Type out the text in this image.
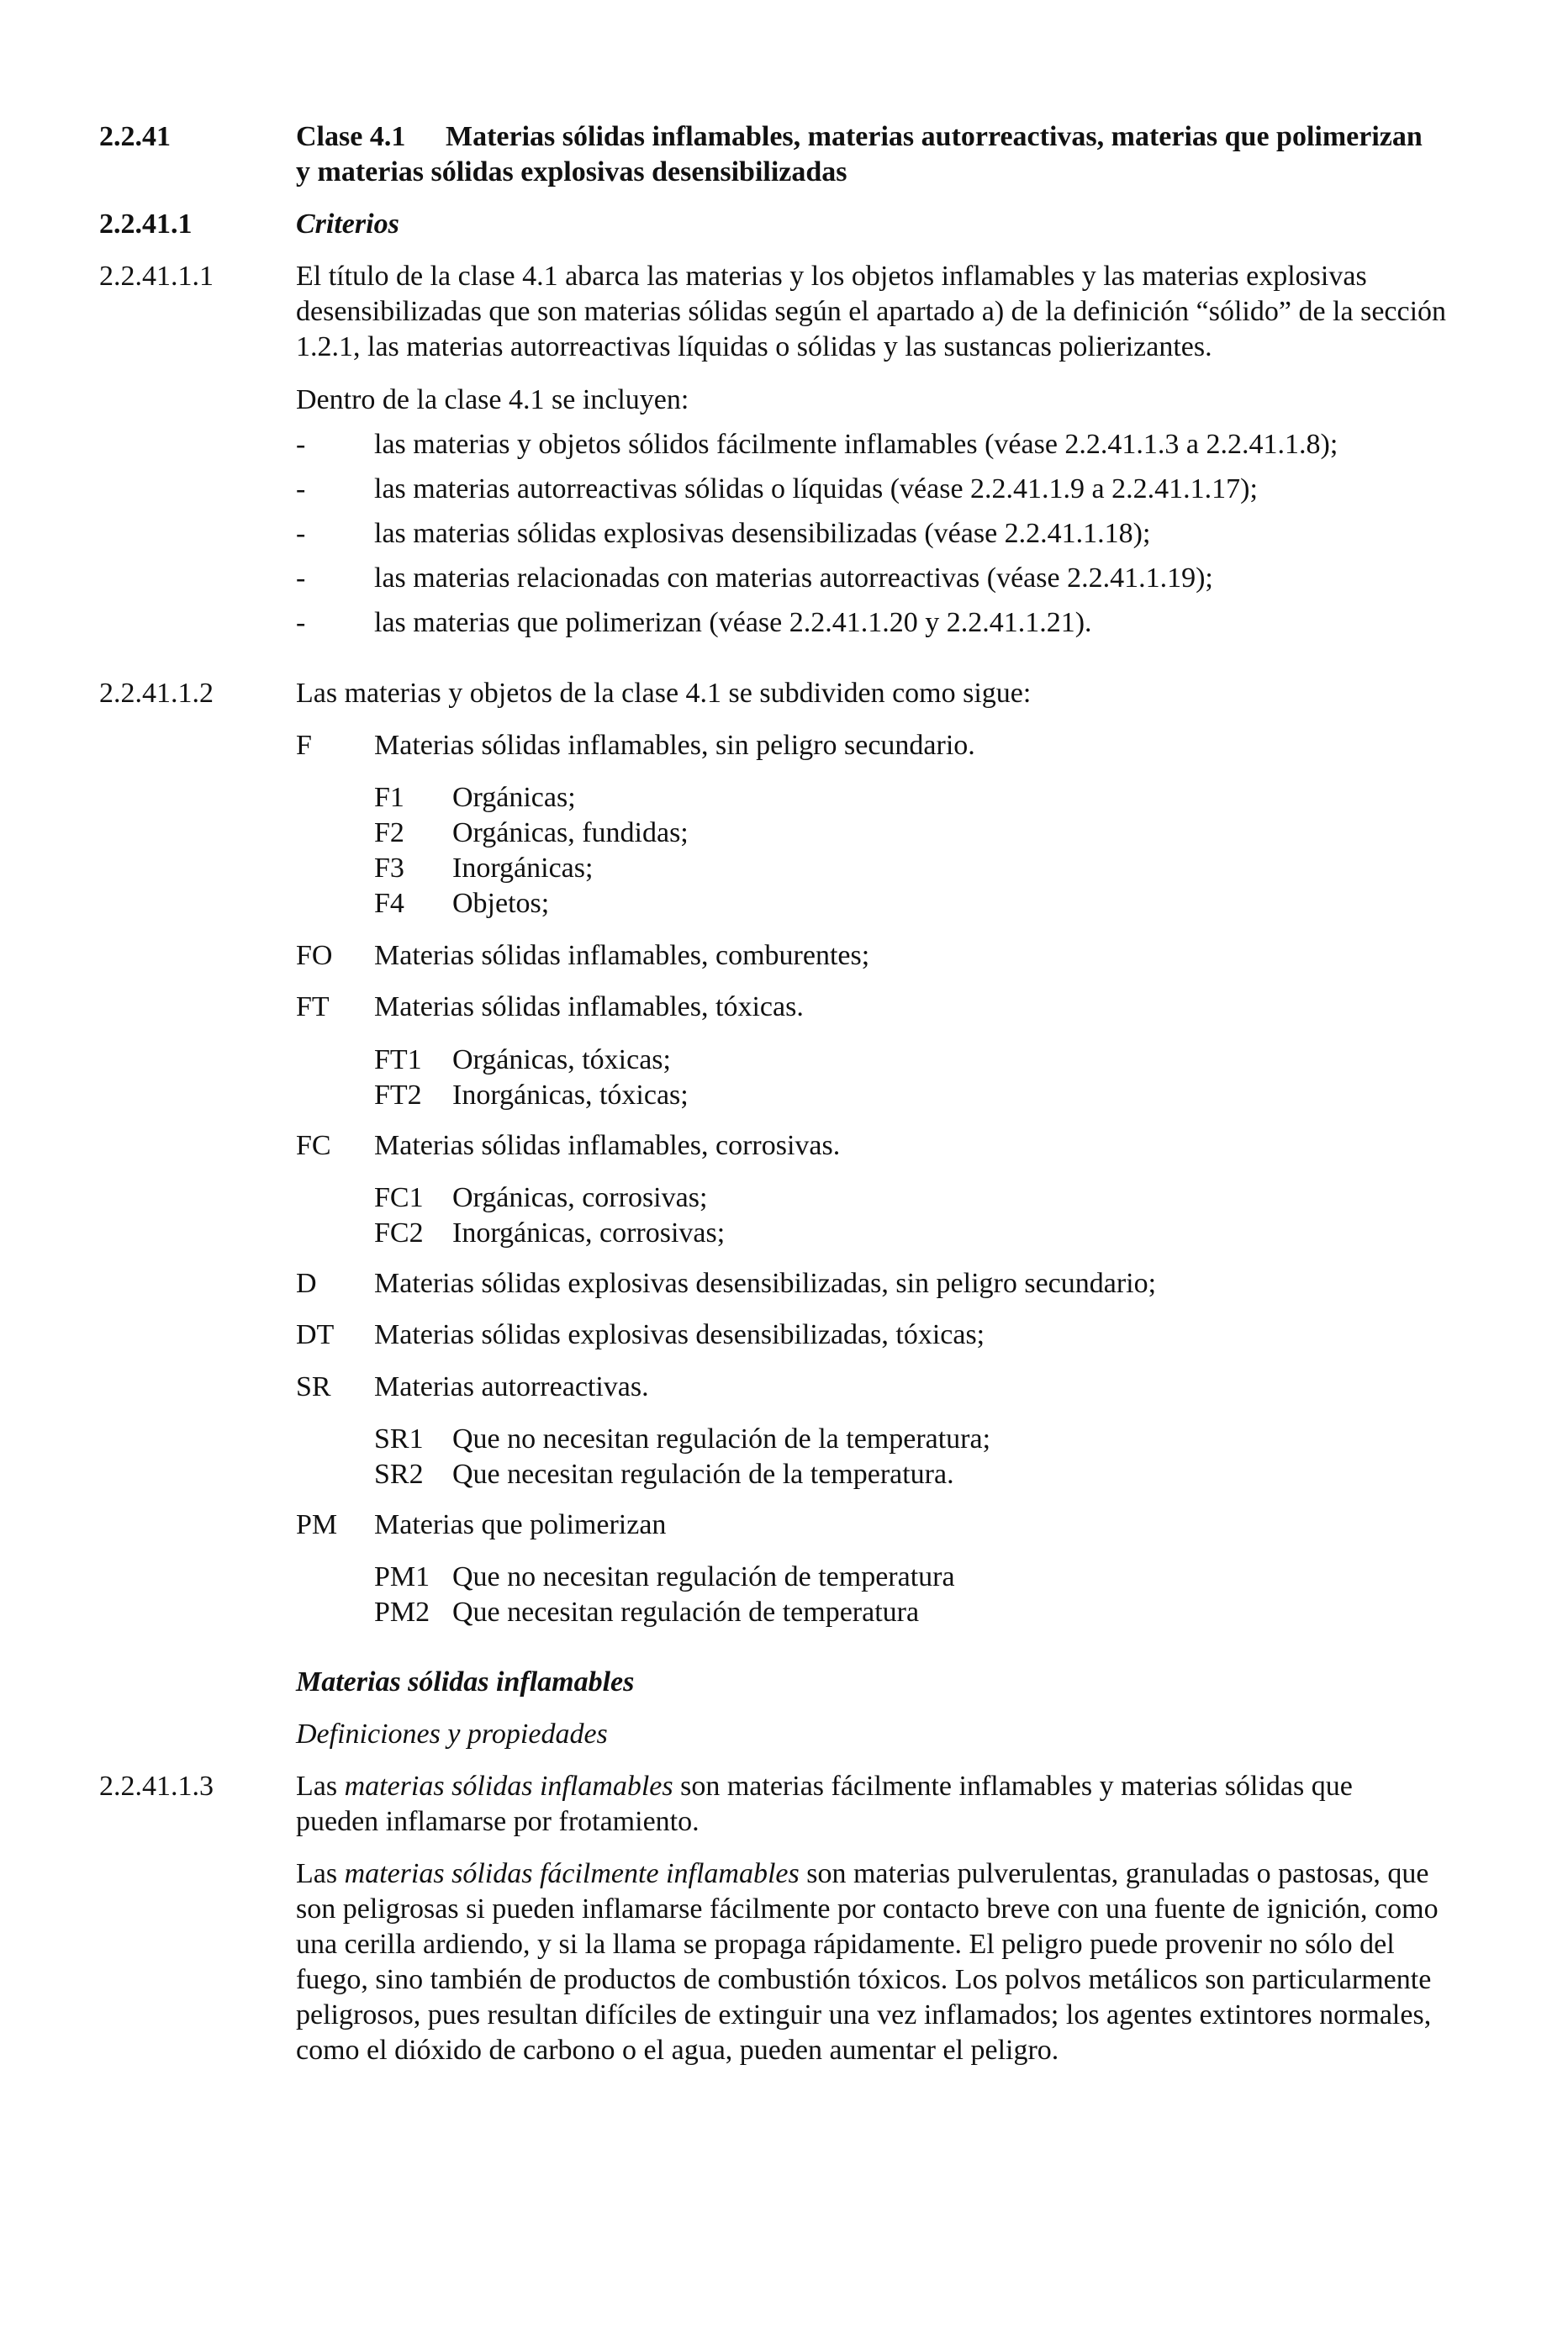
2.2.41	Clase 4.1 Materias sólidas inflamables, materias autorreactivas, materias que polimerizan
y materias sólidas explosivas desensibilizadas
2.2.41.1	Criterios
2.2.41.1.1	El título de la clase 4.1 abarca las materias y los objetos inflamables y las materias explosivas
desensibilizadas que son materias sólidas según el apartado a) de la definición “sólido” de la sección
1.2.1, las materias autorreactivas líquidas o sólidas y las sustancas polierizantes.
Dentro de la clase 4.1 se incluyen:
- las materias y objetos sólidos fácilmente inflamables (véase 2.2.41.1.3 a 2.2.41.1.8);
- las materias autorreactivas sólidas o líquidas (véase 2.2.41.1.9 a 2.2.41.1.17);
- las materias sólidas explosivas desensibilizadas (véase 2.2.41.1.18);
- las materias relacionadas con materias autorreactivas (véase 2.2.41.1.19);
- las materias que polimerizan (véase 2.2.41.1.20 y 2.2.41.1.21).
2.2.41.1.2	Las materias y objetos de la clase 4.1 se subdividen como sigue:
F Materias sólidas inflamables, sin peligro secundario.
F1 Orgánicas;
F2 Orgánicas, fundidas;
F3 Inorgánicas;
F4 Objetos;
FO Materias sólidas inflamables, comburentes;
FT Materias sólidas inflamables, tóxicas.
FT1 Orgánicas, tóxicas;
FT2 Inorgánicas, tóxicas;
FC Materias sólidas inflamables, corrosivas.
FC1 Orgánicas, corrosivas;
FC2 Inorgánicas, corrosivas;
D Materias sólidas explosivas desensibilizadas, sin peligro secundario;
DT Materias sólidas explosivas desensibilizadas, tóxicas;
SR Materias autorreactivas.
SR1 Que no necesitan regulación de la temperatura;
SR2 Que necesitan regulación de la temperatura.
PM Materias que polimerizan
PM1 Que no necesitan regulación de temperatura
PM2 Que necesitan regulación de temperatura
Materias sólidas inflamables
Definiciones y propiedades
2.2.41.1.3	Las materias sólidas inflamables son materias fácilmente inflamables y materias sólidas que
pueden inflamarse por frotamiento.
Las materias sólidas fácilmente inflamables son materias pulverulentas, granuladas o pastosas, que
son peligrosas si pueden inflamarse fácilmente por contacto breve con una fuente de ignición, como
una cerilla ardiendo, y si la llama se propaga rápidamente. El peligro puede provenir no sólo del
fuego, sino también de productos de combustión tóxicos. Los polvos metálicos son particularmente
peligrosos, pues resultan difíciles de extinguir una vez inflamados; los agentes extintores normales,
como el dióxido de carbono o el agua, pueden aumentar el peligro.
